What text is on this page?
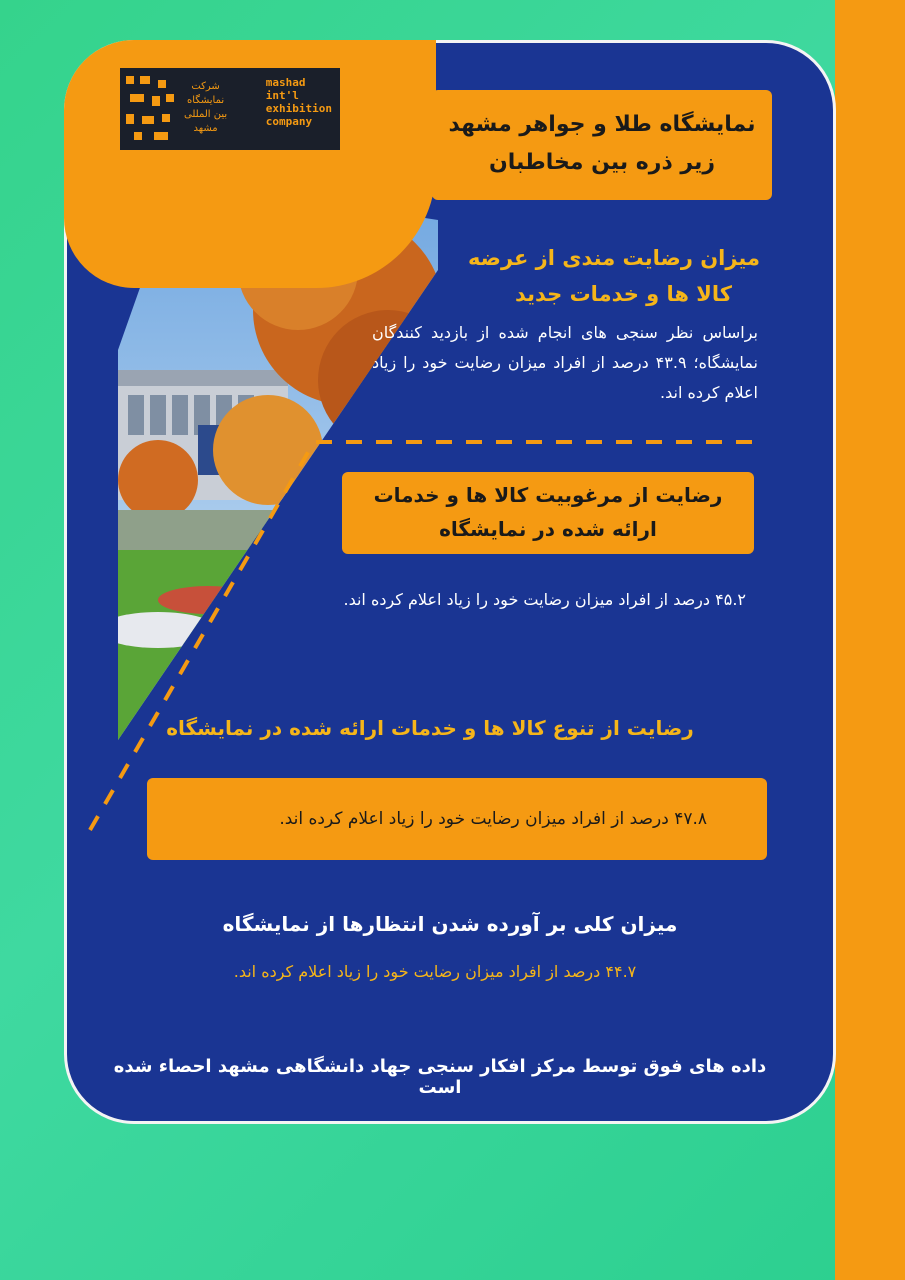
شرکت
نمایشگاه
بین المللی
مشهد
mashad
int'l
exhibition
company	نمایشگاه طلا و جواهر مشهد
زیر ذره بین مخاطبان
میزان رضایت مندی از عرضه
کالا ها و خدمات جدید
براساس نظر سنجی های انجام شده از بازدید کنندگان نمایشگاه؛ ۴۳.۹ درصد از افراد میزان رضایت خود را زیاد اعلام کرده اند.
رضایت از مرغوبیت کالا ها و خدمات
ارائه شده در نمایشگاه
۴۵.۲ درصد از افراد میزان رضایت خود را زیاد اعلام کرده اند.
رضایت از تنوع کالا ها و خدمات ارائه شده در نمایشگاه
۴۷.۸ درصد از افراد میزان رضایت خود را زیاد اعلام کرده اند.
میزان کلی بر آورده شدن انتظارها از نمایشگاه
۴۴.۷ درصد از افراد میزان رضایت خود را زیاد اعلام کرده اند.
داده های فوق توسط مرکز افکار سنجی جهاد دانشگاهی مشهد احصاء شده است
